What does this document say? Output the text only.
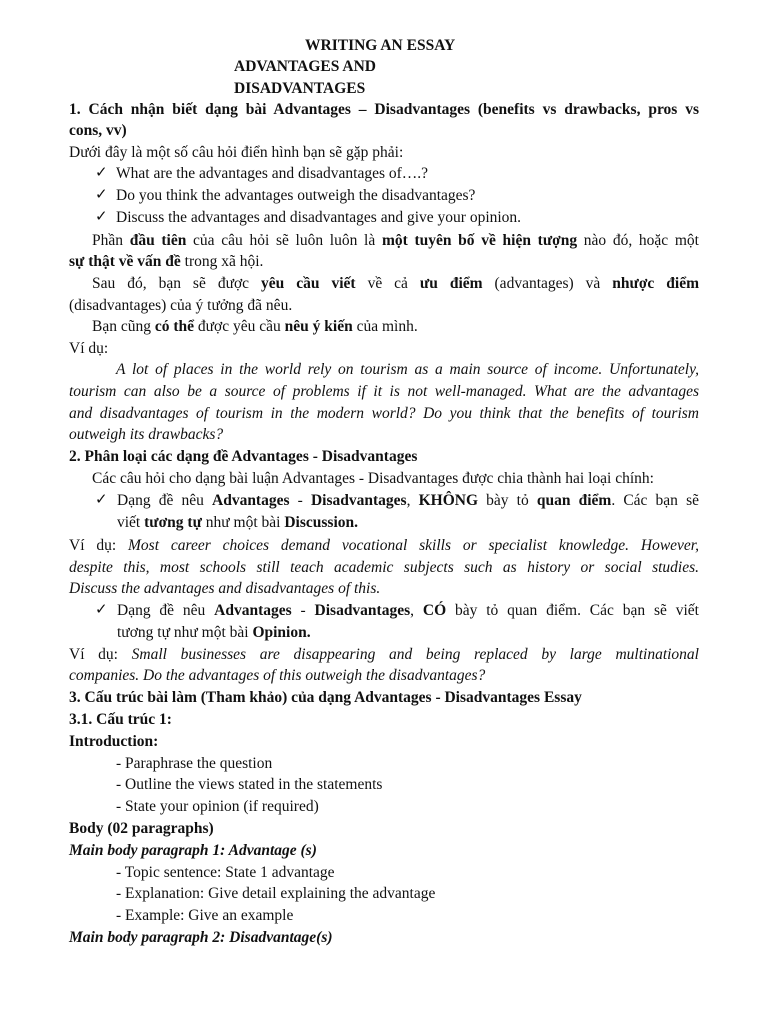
WRITING AN ESSAY
ADVANTAGES AND
DISADVANTAGES
1. Cách nhận biết dạng bài Advantages – Disadvantages (benefits vs drawbacks, pros vs
cons, vv)
Dưới đây là một số câu hỏi điển hình bạn sẽ gặp phải:
✓ What are the advantages and disadvantages of….?
✓ Do you think the advantages outweigh the disadvantages?
✓ Discuss the advantages and disadvantages and give your opinion.
Phần đầu tiên của câu hỏi sẽ luôn luôn là một tuyên bố về hiện tượng nào đó, hoặc một
sự thật về vấn đề trong xã hội.
Sau đó, bạn sẽ được yêu cầu viết về cả ưu điểm (advantages) và nhược điểm
(disadvantages) của ý tưởng đã nêu.
Bạn cũng có thể được yêu cầu nêu ý kiến của mình.
Ví dụ:
A lot of places in the world rely on tourism as a main source of income. Unfortunately,
tourism can also be a source of problems if it is not well-managed. What are the advantages
and disadvantages of tourism in the modern world? Do you think that the benefits of tourism
outweigh its drawbacks?
2. Phân loại các dạng đề Advantages - Disadvantages
Các câu hỏi cho dạng bài luận Advantages - Disadvantages được chia thành hai loại chính:
✓ Dạng đề nêu Advantages - Disadvantages, KHÔNG bày tỏ quan điểm. Các bạn sẽ
viết tương tự như một bài Discussion.
Ví dụ: Most career choices demand vocational skills or specialist knowledge. However,
despite this, most schools still teach academic subjects such as history or social studies.
Discuss the advantages and disadvantages of this.
✓ Dạng đề nêu Advantages - Disadvantages, CÓ bày tỏ quan điểm. Các bạn sẽ viết
tương tự như một bài Opinion.
Ví dụ: Small businesses are disappearing and being replaced by large multinational
companies. Do the advantages of this outweigh the disadvantages?
3. Cấu trúc bài làm (Tham khảo) của dạng Advantages - Disadvantages Essay
3.1. Cấu trúc 1:
Introduction:
- Paraphrase the question
- Outline the views stated in the statements
- State your opinion (if required)
Body (02 paragraphs)
Main body paragraph 1: Advantage (s)
- Topic sentence: State 1 advantage
- Explanation: Give detail explaining the advantage
- Example: Give an example
Main body paragraph 2: Disadvantage(s)
